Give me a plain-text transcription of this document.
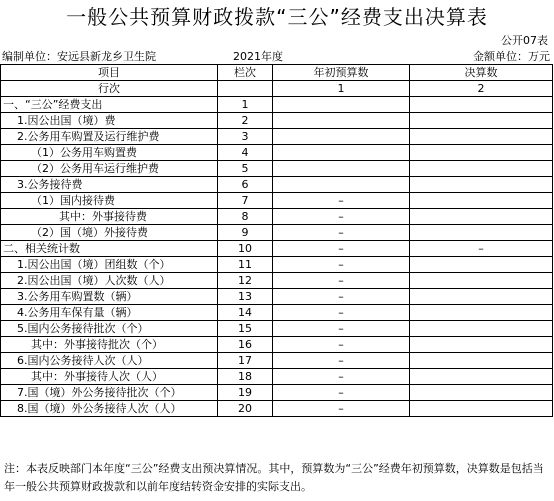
一般公共预算财政拨款“三公”经费支出决算表
公开07表
编制单位：安远县新龙乡卫生院	2021年度	金额单位：万元
项目	栏次	年初预算数	决算数
行次		1	2
一、“三公”经费支出	1		
1.因公出国（境）费	2		
2.公务用车购置及运行维护费	3		
（1）公务用车购置费	4		
（2）公务用车运行维护费	5		
3.公务接待费	6		
（1）国内接待费	7	–	
其中：外事接待费	8	–	
（2）国（境）外接待费	9	–	
二、相关统计数	10	–	–
1.因公出国（境）团组数（个）	11	–	
2.因公出国（境）人次数（人）	12	–	
3.公务用车购置数（辆）	13	–	
4.公务用车保有量（辆）	14	–	
5.国内公务接待批次（个）	15	–	
其中：外事接待批次（个）	16	–	
6.国内公务接待人次（人）	17	–	
其中：外事接待人次（人）	18	–	
7.国（境）外公务接待批次（个）	19	–	
8.国（境）外公务接待人次（人）	20	–	
注：本表反映部门本年度“三公”经费支出预决算情况。其中，预算数为“三公”经费年初预算数，决算数是包括当年一般公共预算财政拨款和以前年度结转资金安排的实际支出。
